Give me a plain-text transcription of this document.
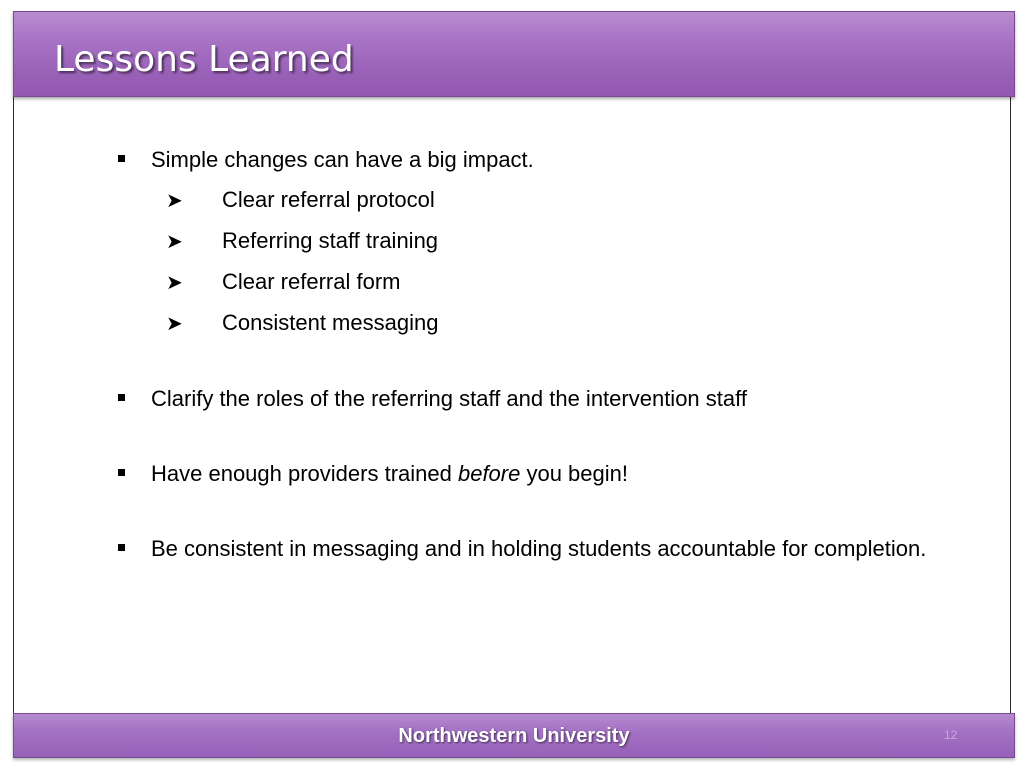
Lessons Learned
Simple changes can have a big impact.
➤ Clear referral protocol
➤ Referring staff training
➤ Clear referral form
➤ Consistent messaging
Clarify the roles of the referring staff and the intervention staff
Have enough providers trained before you begin!
Be consistent in messaging and in holding students accountable for completion.
Northwestern University	12
